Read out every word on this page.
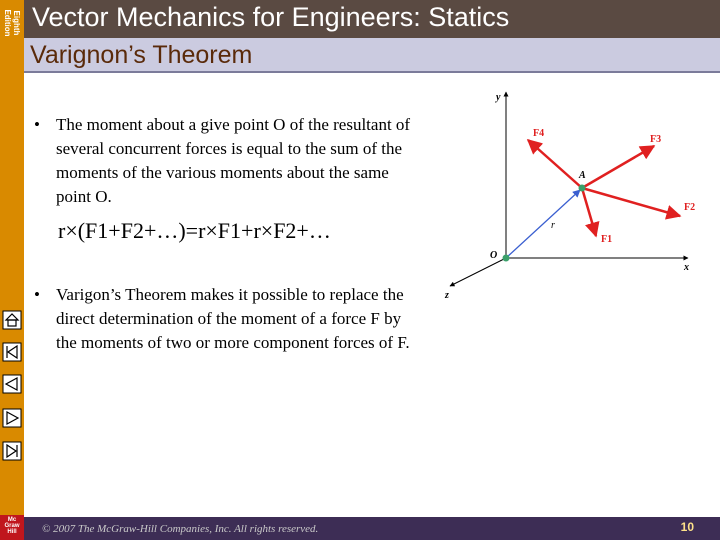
Eighth Edition
Mc Graw Hill
Vector Mechanics for Engineers: Statics
Varignon’s Theorem
• The moment about a give point O of the resultant of several concurrent forces is equal to the sum of the moments of the various moments about the same point O.
r×(F1+F2+…)=r×F1+r×F2+…
• Varigon’s Theorem makes it possible to replace the direct determination of the moment of a force F by the moments of two or more component forces of F.
y
x
z
O
A
r
F4
F3
F2
F1
© 2007 The McGraw-Hill Companies, Inc. All rights reserved.	10
